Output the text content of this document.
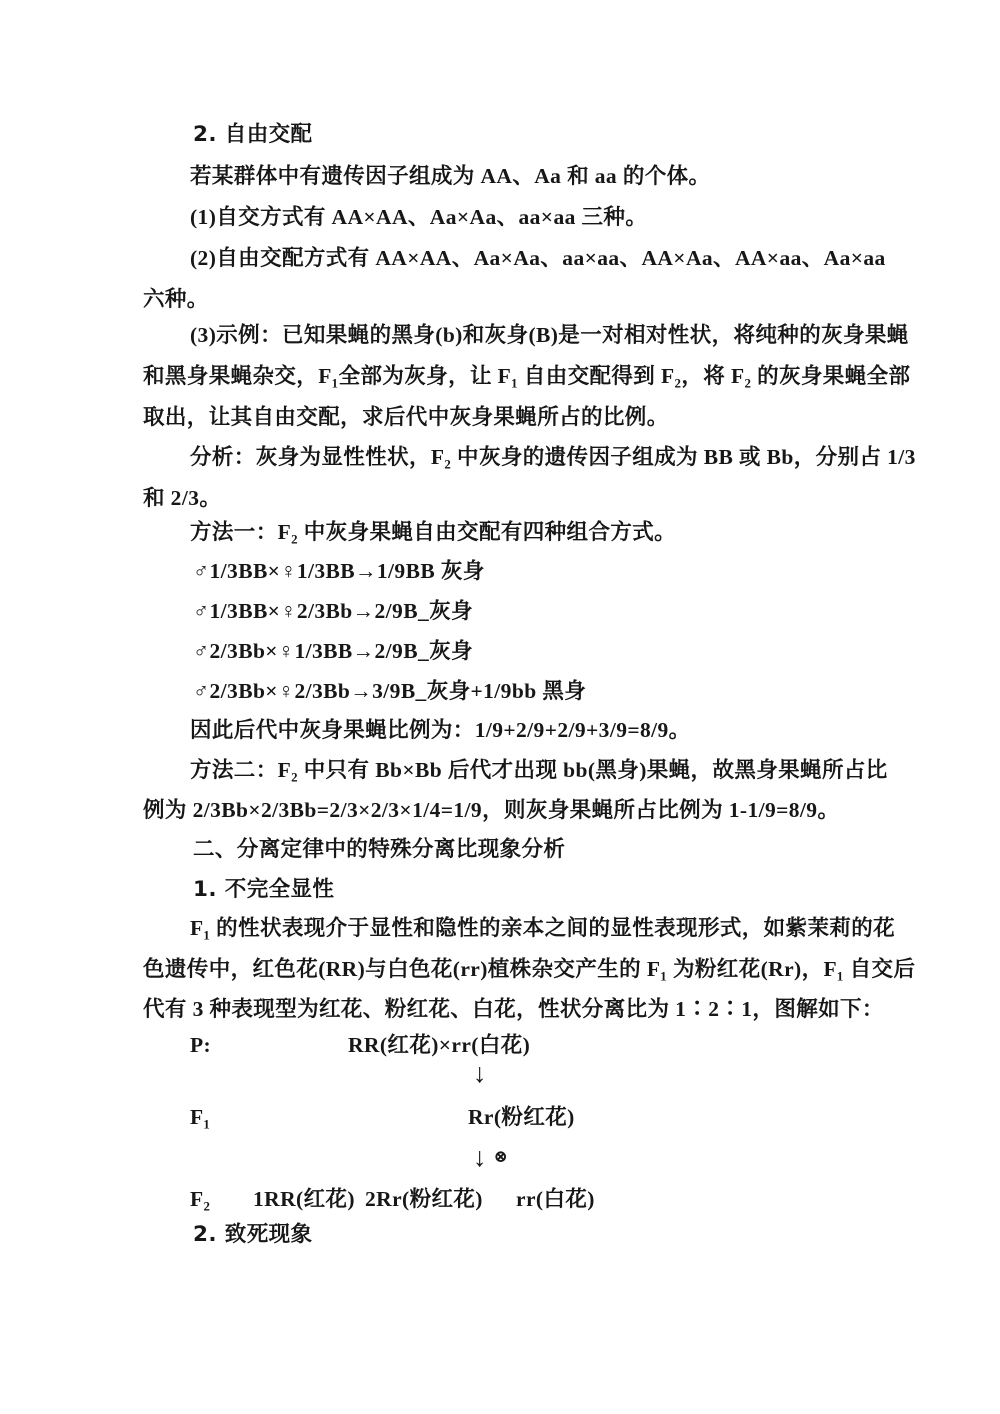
2. 自由交配
若某群体中有遗传因子组成为 AA、Aa 和 aa 的个体。
(1)自交方式有 AA×AA、Aa×Aa、aa×aa 三种。
(2)自由交配方式有 AA×AA、Aa×Aa、aa×aa、AA×Aa、AA×aa、Aa×aa
六种。
(3)示例：已知果蝇的黑身(b)和灰身(B)是一对相对性状，将纯种的灰身果蝇
和黑身果蝇杂交，F₁全部为灰身，让 F₁ 自由交配得到 F₂，将 F₂ 的灰身果蝇全部
取出，让其自由交配，求后代中灰身果蝇所占的比例。
分析：灰身为显性性状，F₂ 中灰身的遗传因子组成为 BB 或 Bb，分别占 1/3
和 2/3。
方法一：F₂ 中灰身果蝇自由交配有四种组合方式。
♂1/3BB×♀1/3BB→1/9BB 灰身
♂1/3BB×♀2/3Bb→2/9B_灰身
♂2/3Bb×♀1/3BB→2/9B_灰身
♂2/3Bb×♀2/3Bb→3/9B_灰身+1/9bb 黑身
因此后代中灰身果蝇比例为：1/9+2/9+2/9+3/9=8/9。
方法二：F₂ 中只有 Bb×Bb 后代才出现 bb(黑身)果蝇，故黑身果蝇所占比
例为 2/3Bb×2/3Bb=2/3×2/3×1/4=1/9，则灰身果蝇所占比例为 1-1/9=8/9。
二、分离定律中的特殊分离比现象分析
1. 不完全显性
F₁ 的性状表现介于显性和隐性的亲本之间的显性表现形式，如紫茉莉的花
色遗传中，红色花(RR)与白色花(rr)植株杂交产生的 F₁ 为粉红花(Rr)，F₁ 自交后
代有 3 种表现型为红花、粉红花、白花，性状分离比为 1∶2∶1，图解如下：
P:	RR(红花)×rr(白花)
↓
F₁	Rr(粉红花)
↓ ⊗
F₂ 1RR(红花) 2Rr(粉红花) rr(白花)
2. 致死现象
